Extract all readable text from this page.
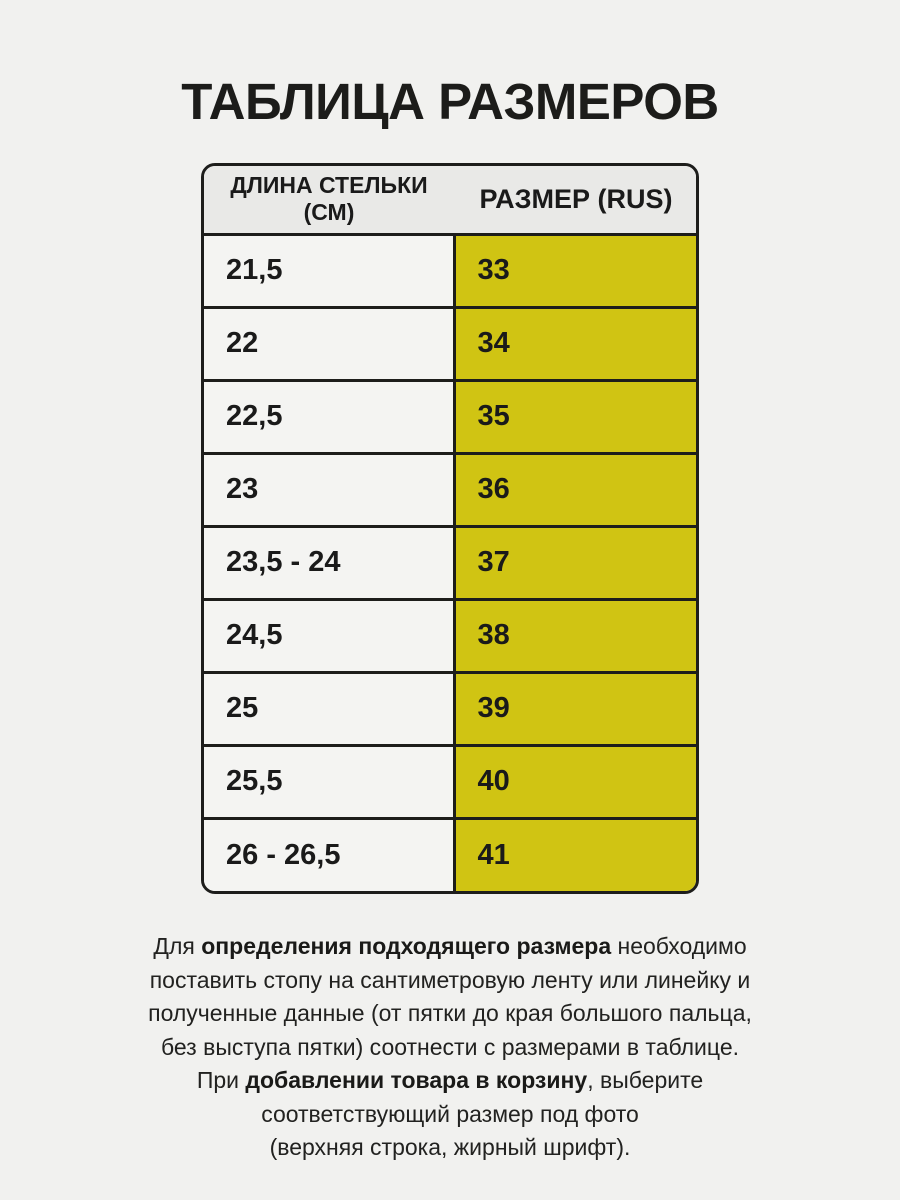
ТАБЛИЦА РАЗМЕРОВ
ДЛИНА СТЕЛЬКИ
(СМ)	РАЗМЕР (RUS)
21,5	33
22	34
22,5	35
23	36
23,5 - 24	37
24,5	38
25	39
25,5	40
26 - 26,5	41
Для определения подходящего размера необходимо
поставить стопу на сантиметровую ленту или линейку и
полученные данные (от пятки до края большого пальца,
без выступа пятки) соотнести с размерами в таблице.
При добавлении товара в корзину, выберите
соответствующий размер под фото
(верхняя строка, жирный шрифт).
